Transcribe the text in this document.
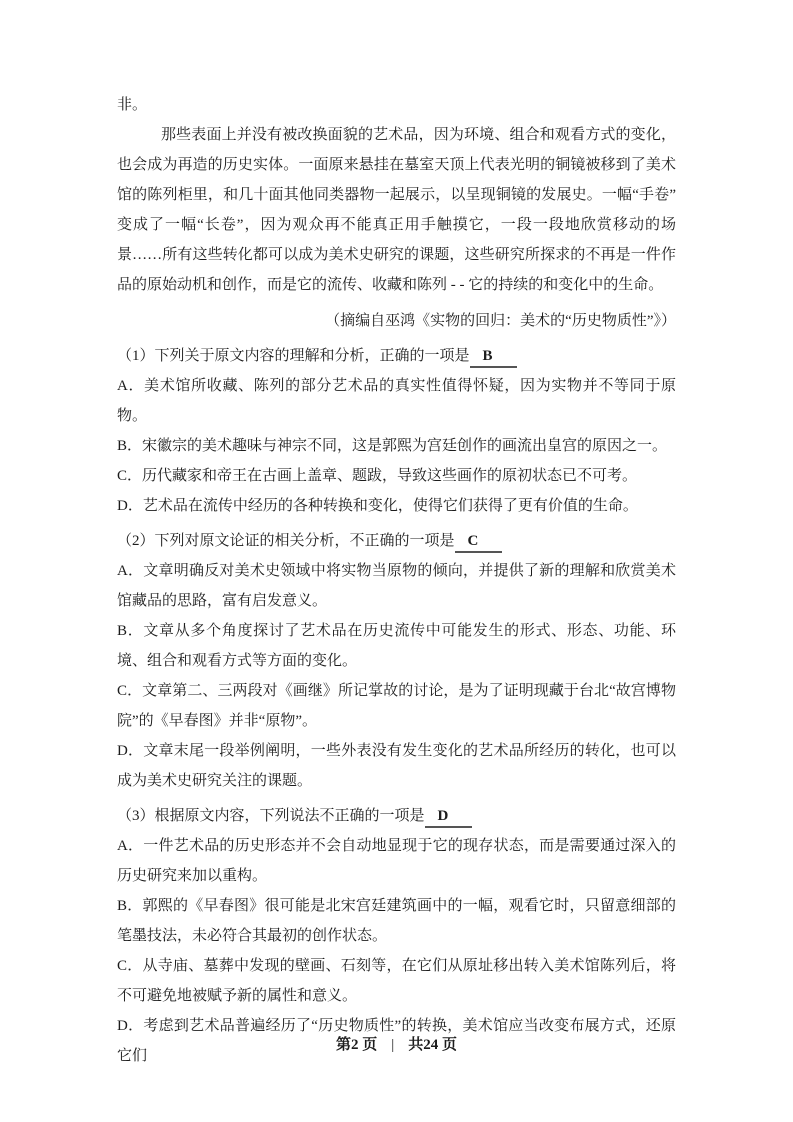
非。

那些表面上并没有被改换面貌的艺术品，因为环境、组合和观看方式的变化，也会成为再造的历史实体。一面原来悬挂在墓室天顶上代表光明的铜镜被移到了美术馆的陈列柜里，和几十面其他同类器物一起展示，以呈现铜镜的发展史。一幅“手卷”变成了一幅“长卷”，因为观众再不能真正用手触摸它，一段一段地欣赏移动的场景……所有这些转化都可以成为美术史研究的课题，这些研究所探求的不再是一件作品的原始动机和创作，而是它的流传、收藏和陈列 - - 它的持续的和变化中的生命。

（摘编自巫鸿《实物的回归：美术的“历史物质性”》）

（1）下列关于原文内容的理解和分析，正确的一项是 B

A．美术馆所收藏、陈列的部分艺术品的真实性值得怀疑，因为实物并不等同于原物。

B．宋徽宗的美术趣味与神宗不同，这是郭熙为宫廷创作的画流出皇宫的原因之一。

C．历代藏家和帝王在古画上盖章、题跋，导致这些画作的原初状态已不可考。

D．艺术品在流传中经历的各种转换和变化，使得它们获得了更有价值的生命。

（2）下列对原文论证的相关分析，不正确的一项是 C

A．文章明确反对美术史领域中将实物当原物的倾向，并提供了新的理解和欣赏美术馆藏品的思路，富有启发意义。

B．文章从多个角度探讨了艺术品在历史流传中可能发生的形式、形态、功能、环境、组合和观看方式等方面的变化。

C．文章第二、三两段对《画继》所记掌故的讨论，是为了证明现藏于台北“故宫博物院”的《早春图》并非“原物”。

D．文章末尾一段举例阐明，一些外表没有发生变化的艺术品所经历的转化，也可以成为美术史研究关注的课题。

（3）根据原文内容，下列说法不正确的一项是 D

A．一件艺术品的历史形态并不会自动地显现于它的现存状态，而是需要通过深入的历史研究来加以重构。

B．郭熙的《早春图》很可能是北宋宫廷建筑画中的一幅，观看它时，只留意细部的笔墨技法，未必符合其最初的创作状态。

C．从寺庙、墓葬中发现的壁画、石刻等，在它们从原址移出转入美术馆陈列后，将不可避免地被赋予新的属性和意义。

D．考虑到艺术品普遍经历了“历史物质性”的转换，美术馆应当改变布展方式，还原它们

第2 页 | 共24 页
